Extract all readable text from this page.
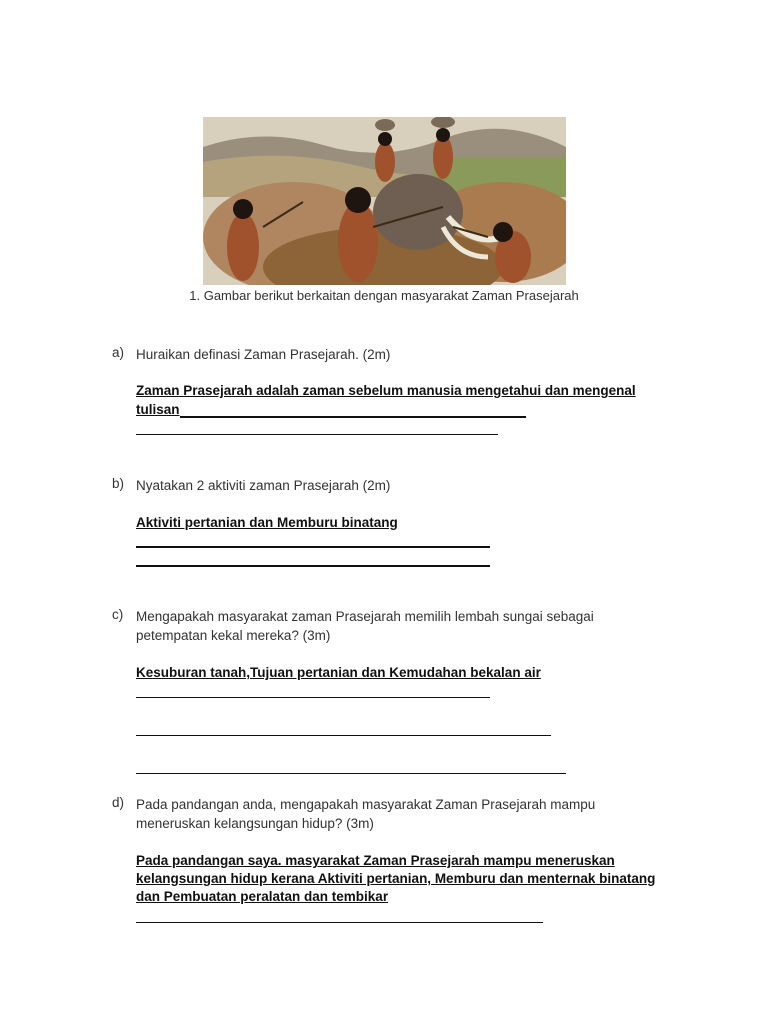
1. Gambar berikut berkaitan dengan masyarakat Zaman Prasejarah
a) Huraikan definasi Zaman Prasejarah. (2m)
Zaman Prasejarah adalah zaman sebelum manusia mengetahui dan mengenal
tulisan
b) Nyatakan 2 aktiviti zaman Prasejarah (2m)
Aktiviti pertanian dan Memburu binatang
c) Mengapakah masyarakat zaman Prasejarah memilih lembah sungai sebagai
petempatan kekal mereka? (3m)
Kesuburan tanah,Tujuan pertanian dan Kemudahan bekalan air
d) Pada pandangan anda, mengapakah masyarakat Zaman Prasejarah mampu
meneruskan kelangsungan hidup? (3m)
Pada pandangan saya. masyarakat Zaman Prasejarah mampu meneruskan
kelangsungan hidup kerana Aktiviti pertanian, Memburu dan menternak binatang
dan Pembuatan peralatan dan tembikar
